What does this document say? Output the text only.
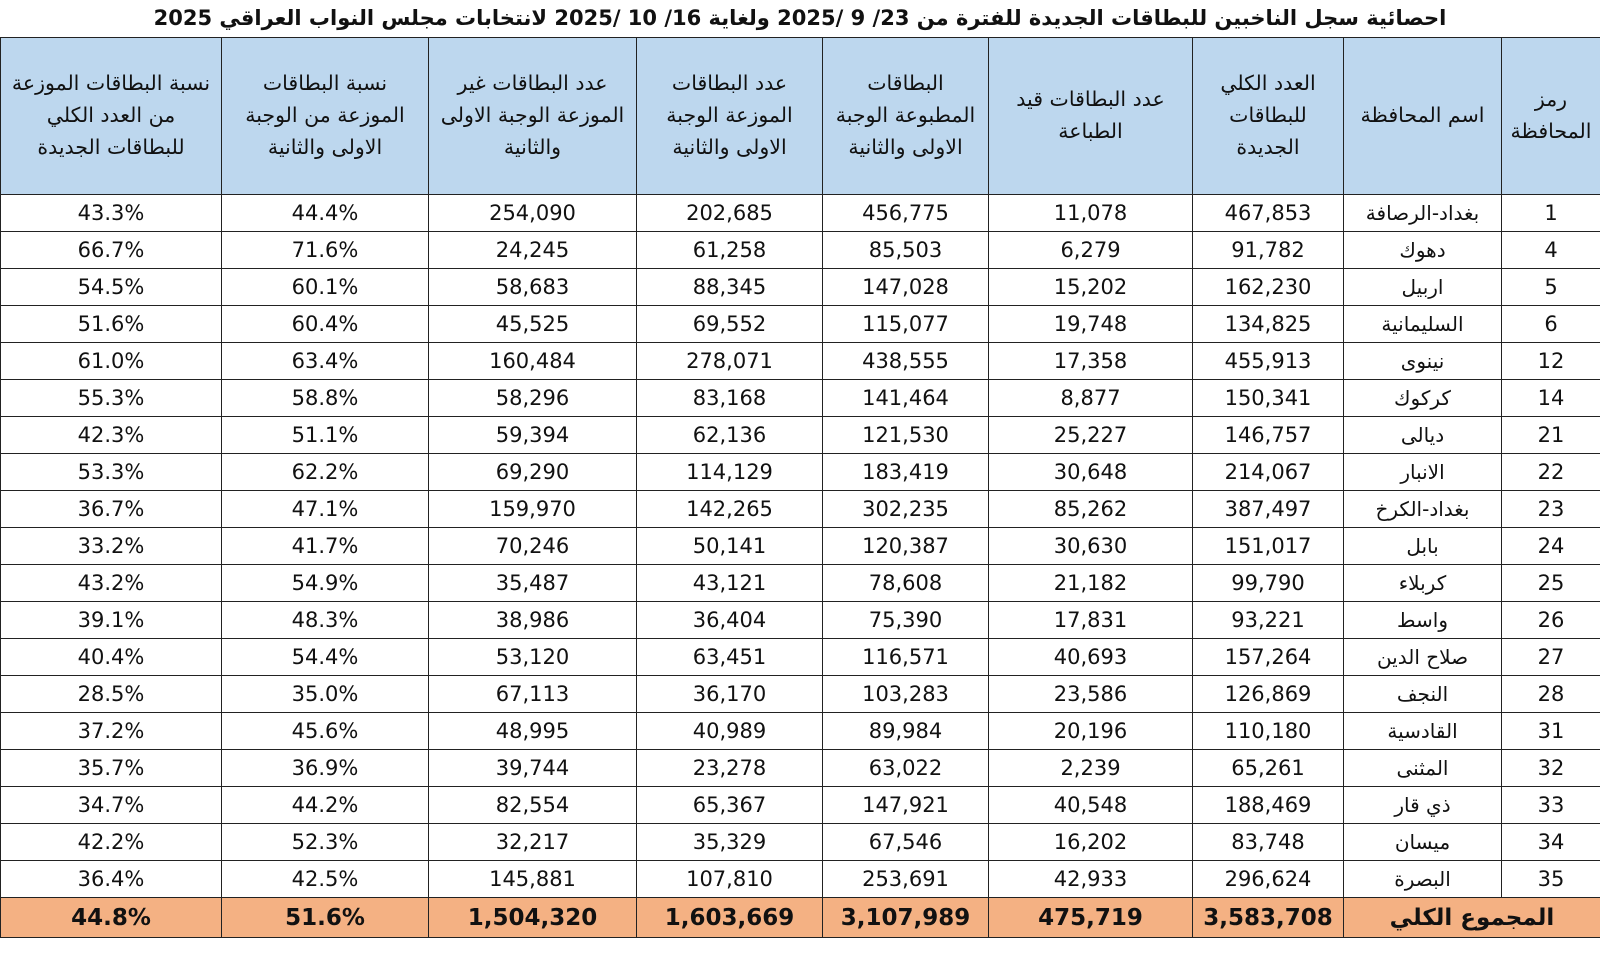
احصائية سجل الناخبين للبطاقات الجديدة للفترة من 23/ 9 /2025 ولغاية 16/ 10 /2025 لانتخابات مجلس النواب العراقي 2025
رمز المحافظة	اسم المحافظة	العدد الكلي للبطاقات الجديدة	عدد البطاقات قيد الطباعة	البطاقات المطبوعة الوجبة الاولى والثانية	عدد البطاقات الموزعة الوجبة الاولى والثانية	عدد البطاقات غير الموزعة الوجبة الاولى والثانية	نسبة البطاقات الموزعة من الوجبة الاولى والثانية	نسبة البطاقات الموزعة من العدد الكلي للبطاقات الجديدة
1	بغداد-الرصافة	467,853	11,078	456,775	202,685	254,090	44.4%	43.3%
4	دهوك	91,782	6,279	85,503	61,258	24,245	71.6%	66.7%
5	اربيل	162,230	15,202	147,028	88,345	58,683	60.1%	54.5%
6	السليمانية	134,825	19,748	115,077	69,552	45,525	60.4%	51.6%
12	نينوى	455,913	17,358	438,555	278,071	160,484	63.4%	61.0%
14	كركوك	150,341	8,877	141,464	83,168	58,296	58.8%	55.3%
21	ديالى	146,757	25,227	121,530	62,136	59,394	51.1%	42.3%
22	الانبار	214,067	30,648	183,419	114,129	69,290	62.2%	53.3%
23	بغداد-الكرخ	387,497	85,262	302,235	142,265	159,970	47.1%	36.7%
24	بابل	151,017	30,630	120,387	50,141	70,246	41.7%	33.2%
25	كربلاء	99,790	21,182	78,608	43,121	35,487	54.9%	43.2%
26	واسط	93,221	17,831	75,390	36,404	38,986	48.3%	39.1%
27	صلاح الدين	157,264	40,693	116,571	63,451	53,120	54.4%	40.4%
28	النجف	126,869	23,586	103,283	36,170	67,113	35.0%	28.5%
31	القادسية	110,180	20,196	89,984	40,989	48,995	45.6%	37.2%
32	المثنى	65,261	2,239	63,022	23,278	39,744	36.9%	35.7%
33	ذي قار	188,469	40,548	147,921	65,367	82,554	44.2%	34.7%
34	ميسان	83,748	16,202	67,546	35,329	32,217	52.3%	42.2%
35	البصرة	296,624	42,933	253,691	107,810	145,881	42.5%	36.4%
المجموع الكلي		3,583,708	475,719	3,107,989	1,603,669	1,504,320	51.6%	44.8%
